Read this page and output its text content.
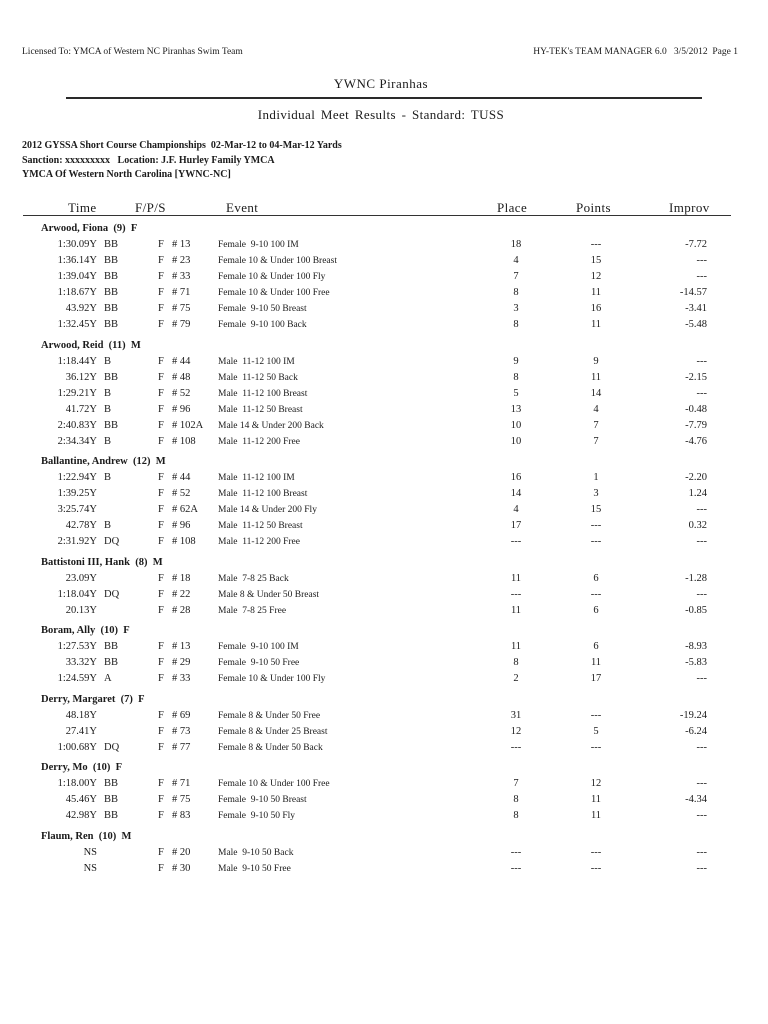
Licensed To: YMCA of Western NC Piranhas Swim Team	HY-TEK's TEAM MANAGER 6.0   3/5/2012  Page 1
YWNC Piranhas
Individual Meet Results - Standard: TUSS
2012 GYSSA Short Course Championships  02-Mar-12 to 04-Mar-12 Yards
Sanction: xxxxxxxxx   Location: J.F. Hurley Family YMCA
YMCA Of Western North Carolina [YWNC-NC]
Time	F/P/S	Event	Place	Points	Improv
Arwood, Fiona  (9)  F
1:30.09Y BB	F # 13	Female  9-10 100 IM	18	---	-7.72
1:36.14Y BB	F # 23	Female 10 & Under 100 Breast	4	15	---
1:39.04Y BB	F # 33	Female 10 & Under 100 Fly	7	12	---
1:18.67Y BB	F # 71	Female 10 & Under 100 Free	8	11	-14.57
43.92Y BB	F # 75	Female  9-10 50 Breast	3	16	-3.41
1:32.45Y BB	F # 79	Female  9-10 100 Back	8	11	-5.48
Arwood, Reid  (11)  M
1:18.44Y B	F # 44	Male  11-12 100 IM	9	9	---
36.12Y BB	F # 48	Male  11-12 50 Back	8	11	-2.15
1:29.21Y B	F # 52	Male  11-12 100 Breast	5	14	---
41.72Y B	F # 96	Male  11-12 50 Breast	13	4	-0.48
2:40.83Y BB	F # 102A Male 14 & Under 200 Back	10	7	-7.79
2:34.34Y B	F # 108 Male  11-12 200 Free	10	7	-4.76
Ballantine, Andrew  (12)  M
1:22.94Y B	F # 44	Male  11-12 100 IM	16	1	-2.20
1:39.25Y	F # 52	Male  11-12 100 Breast	14	3	1.24
3:25.74Y	F # 62A Male 14 & Under 200 Fly	4	15	---
42.78Y B	F # 96	Male  11-12 50 Breast	17	---	0.32
2:31.92Y DQ	F # 108 Male  11-12 200 Free	---	---	---
Battistoni III, Hank  (8)  M
23.09Y	F # 18	Male  7-8 25 Back	11	6	-1.28
1:18.04Y DQ	F # 22	Male 8 & Under 50 Breast	---	---	---
20.13Y	F # 28	Male  7-8 25 Free	11	6	-0.85
Boram, Ally  (10)  F
1:27.53Y BB	F # 13	Female  9-10 100 IM	11	6	-8.93
33.32Y BB	F # 29	Female  9-10 50 Free	8	11	-5.83
1:24.59Y A	F # 33	Female 10 & Under 100 Fly	2	17	---
Derry, Margaret  (7)  F
48.18Y	F # 69	Female 8 & Under 50 Free	31	---	-19.24
27.41Y	F # 73	Female 8 & Under 25 Breast	12	5	-6.24
1:00.68Y DQ	F # 77	Female 8 & Under 50 Back	---	---	---
Derry, Mo  (10)  F
1:18.00Y BB	F # 71	Female 10 & Under 100 Free	7	12	---
45.46Y BB	F # 75	Female  9-10 50 Breast	8	11	-4.34
42.98Y BB	F # 83	Female  9-10 50 Fly	8	11	---
Flaum, Ren  (10)  M
NS	F # 20	Male  9-10 50 Back	---	---	---
NS	F # 30	Male  9-10 50 Free	---	---	---
